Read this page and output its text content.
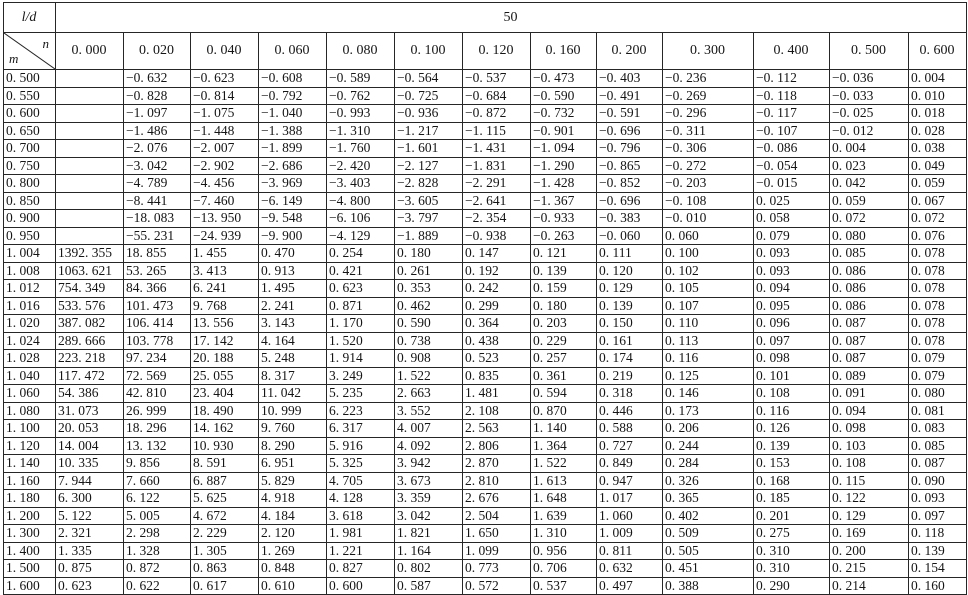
l/d	50												

n
m	0. 000	0. 020	0. 040	0. 060	0. 080	0. 100	0. 120	0. 160	0. 200	0. 300	0. 400	0. 500	0. 600
0. 500		−0. 632	−0. 623	−0. 608	−0. 589	−0. 564	−0. 537	−0. 473	−0. 403	−0. 236	−0. 112	−0. 036	0. 004
0. 550		−0. 828	−0. 814	−0. 792	−0. 762	−0. 725	−0. 684	−0. 590	−0. 491	−0. 269	−0. 118	−0. 033	0. 010
0. 600		−1. 097	−1. 075	−1. 040	−0. 993	−0. 936	−0. 872	−0. 732	−0. 591	−0. 296	−0. 117	−0. 025	0. 018
0. 650		−1. 486	−1. 448	−1. 388	−1. 310	−1. 217	−1. 115	−0. 901	−0. 696	−0. 311	−0. 107	−0. 012	0. 028
0. 700		−2. 076	−2. 007	−1. 899	−1. 760	−1. 601	−1. 431	−1. 094	−0. 796	−0. 306	−0. 086	0. 004	0. 038
0. 750		−3. 042	−2. 902	−2. 686	−2. 420	−2. 127	−1. 831	−1. 290	−0. 865	−0. 272	−0. 054	0. 023	0. 049
0. 800		−4. 789	−4. 456	−3. 969	−3. 403	−2. 828	−2. 291	−1. 428	−0. 852	−0. 203	−0. 015	0. 042	0. 059
0. 850		−8. 441	−7. 460	−6. 149	−4. 800	−3. 605	−2. 641	−1. 367	−0. 696	−0. 108	0. 025	0. 059	0. 067
0. 900		−18. 083	−13. 950	−9. 548	−6. 106	−3. 797	−2. 354	−0. 933	−0. 383	−0. 010	0. 058	0. 072	0. 072
0. 950		−55. 231	−24. 939	−9. 900	−4. 129	−1. 889	−0. 938	−0. 263	−0. 060	0. 060	0. 079	0. 080	0. 076
1. 004	1392. 355	18. 855	1. 455	0. 470	0. 254	0. 180	0. 147	0. 121	0. 111	0. 100	0. 093	0. 085	0. 078
1. 008	1063. 621	53. 265	3. 413	0. 913	0. 421	0. 261	0. 192	0. 139	0. 120	0. 102	0. 093	0. 086	0. 078
1. 012	754. 349	84. 366	6. 241	1. 495	0. 623	0. 353	0. 242	0. 159	0. 129	0. 105	0. 094	0. 086	0. 078
1. 016	533. 576	101. 473	9. 768	2. 241	0. 871	0. 462	0. 299	0. 180	0. 139	0. 107	0. 095	0. 086	0. 078
1. 020	387. 082	106. 414	13. 556	3. 143	1. 170	0. 590	0. 364	0. 203	0. 150	0. 110	0. 096	0. 087	0. 078
1. 024	289. 666	103. 778	17. 142	4. 164	1. 520	0. 738	0. 438	0. 229	0. 161	0. 113	0. 097	0. 087	0. 078
1. 028	223. 218	97. 234	20. 188	5. 248	1. 914	0. 908	0. 523	0. 257	0. 174	0. 116	0. 098	0. 087	0. 079
1. 040	117. 472	72. 569	25. 055	8. 317	3. 249	1. 522	0. 835	0. 361	0. 219	0. 125	0. 101	0. 089	0. 079
1. 060	54. 386	42. 810	23. 404	11. 042	5. 235	2. 663	1. 481	0. 594	0. 318	0. 146	0. 108	0. 091	0. 080
1. 080	31. 073	26. 999	18. 490	10. 999	6. 223	3. 552	2. 108	0. 870	0. 446	0. 173	0. 116	0. 094	0. 081
1. 100	20. 053	18. 296	14. 162	9. 760	6. 317	4. 007	2. 563	1. 140	0. 588	0. 206	0. 126	0. 098	0. 083
1. 120	14. 004	13. 132	10. 930	8. 290	5. 916	4. 092	2. 806	1. 364	0. 727	0. 244	0. 139	0. 103	0. 085
1. 140	10. 335	9. 856	8. 591	6. 951	5. 325	3. 942	2. 870	1. 522	0. 849	0. 284	0. 153	0. 108	0. 087
1. 160	7. 944	7. 660	6. 887	5. 829	4. 705	3. 673	2. 810	1. 613	0. 947	0. 326	0. 168	0. 115	0. 090
1. 180	6. 300	6. 122	5. 625	4. 918	4. 128	3. 359	2. 676	1. 648	1. 017	0. 365	0. 185	0. 122	0. 093
1. 200	5. 122	5. 005	4. 672	4. 184	3. 618	3. 042	2. 504	1. 639	1. 060	0. 402	0. 201	0. 129	0. 097
1. 300	2. 321	2. 298	2. 229	2. 120	1. 981	1. 821	1. 650	1. 310	1. 009	0. 509	0. 275	0. 169	0. 118
1. 400	1. 335	1. 328	1. 305	1. 269	1. 221	1. 164	1. 099	0. 956	0. 811	0. 505	0. 310	0. 200	0. 139
1. 500	0. 875	0. 872	0. 863	0. 848	0. 827	0. 802	0. 773	0. 706	0. 632	0. 451	0. 310	0. 215	0. 154
1. 600	0. 623	0. 622	0. 617	0. 610	0. 600	0. 587	0. 572	0. 537	0. 497	0. 388	0. 290	0. 214	0. 160
